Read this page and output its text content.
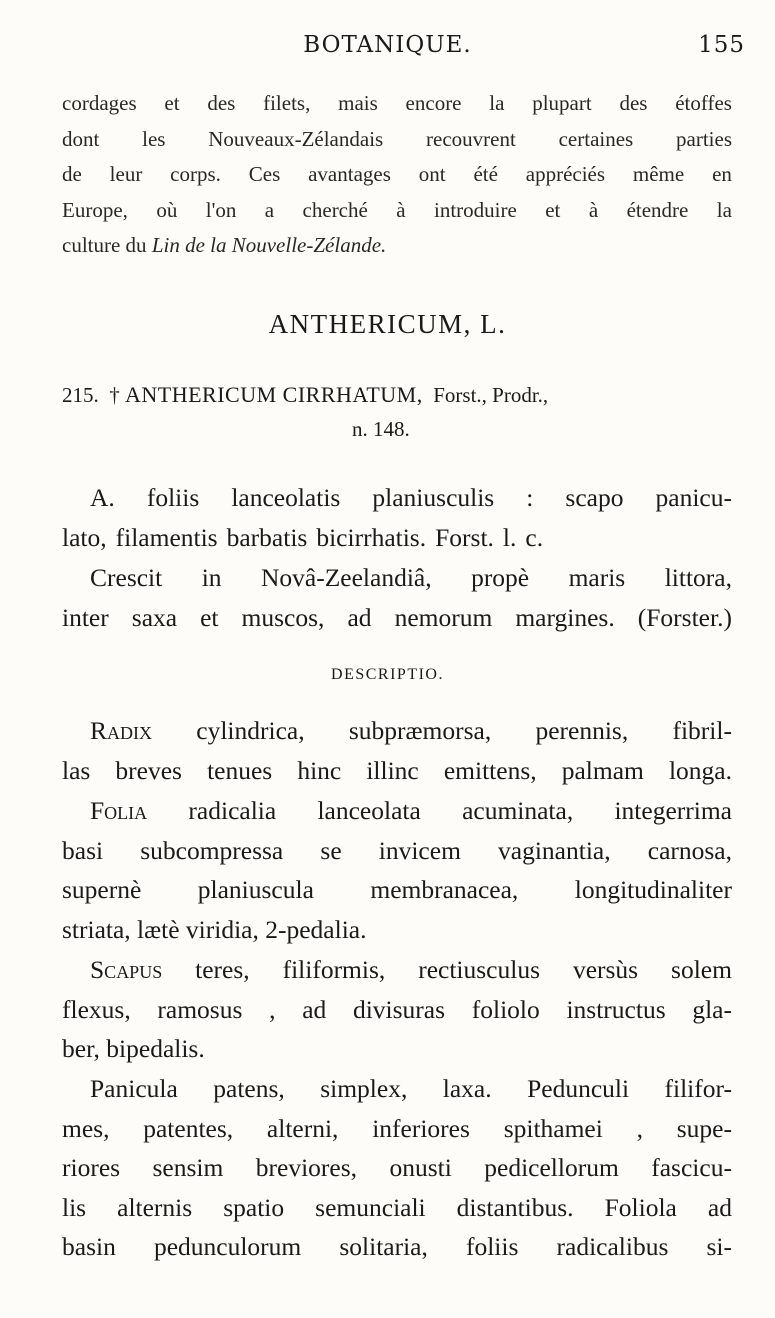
BOTANIQUE.	155
cordages et des filets, mais encore la plupart des étoffes
dont les Nouveaux-Zélandais recouvrent certaines parties
de leur corps. Ces avantages ont été appréciés même en
Europe, où l'on a cherché à introduire et à étendre la
culture du
Lin de la Nouvelle-Zélande.
ANTHERICUM, L.
215.
†
ANTHERICUM CIRRHATUM,
Forst., Prodr.,
n. 148.
A. foliis lanceolatis planiusculis : scapo panicu-
lato, filamentis barbatis bicirrhatis. Forst. l. c.
Crescit in Novâ-Zeelandiâ, propè maris littora,
inter saxa et muscos, ad nemorum margines. (Forster.)
DESCRIPTIO.
Radix cylindrica, subpræmorsa, perennis, fibril-
las breves tenues hinc illinc emittens, palmam longa.
Folia radicalia lanceolata acuminata, integerrima
basi subcompressa se invicem vaginantia, carnosa,
supernè planiuscula membranacea, longitudinaliter
striata, lætè viridia, 2-pedalia.
Scapus teres, filiformis, rectiusculus versùs solem
flexus, ramosus , ad divisuras foliolo instructus gla-
ber, bipedalis.
Panicula patens, simplex, laxa. Pedunculi filifor-
mes, patentes, alterni, inferiores spithamei , supe-
riores sensim breviores, onusti pedicellorum fascicu-
lis alternis spatio semunciali distantibus. Foliola ad
basin pedunculorum solitaria, foliis radicalibus si-
